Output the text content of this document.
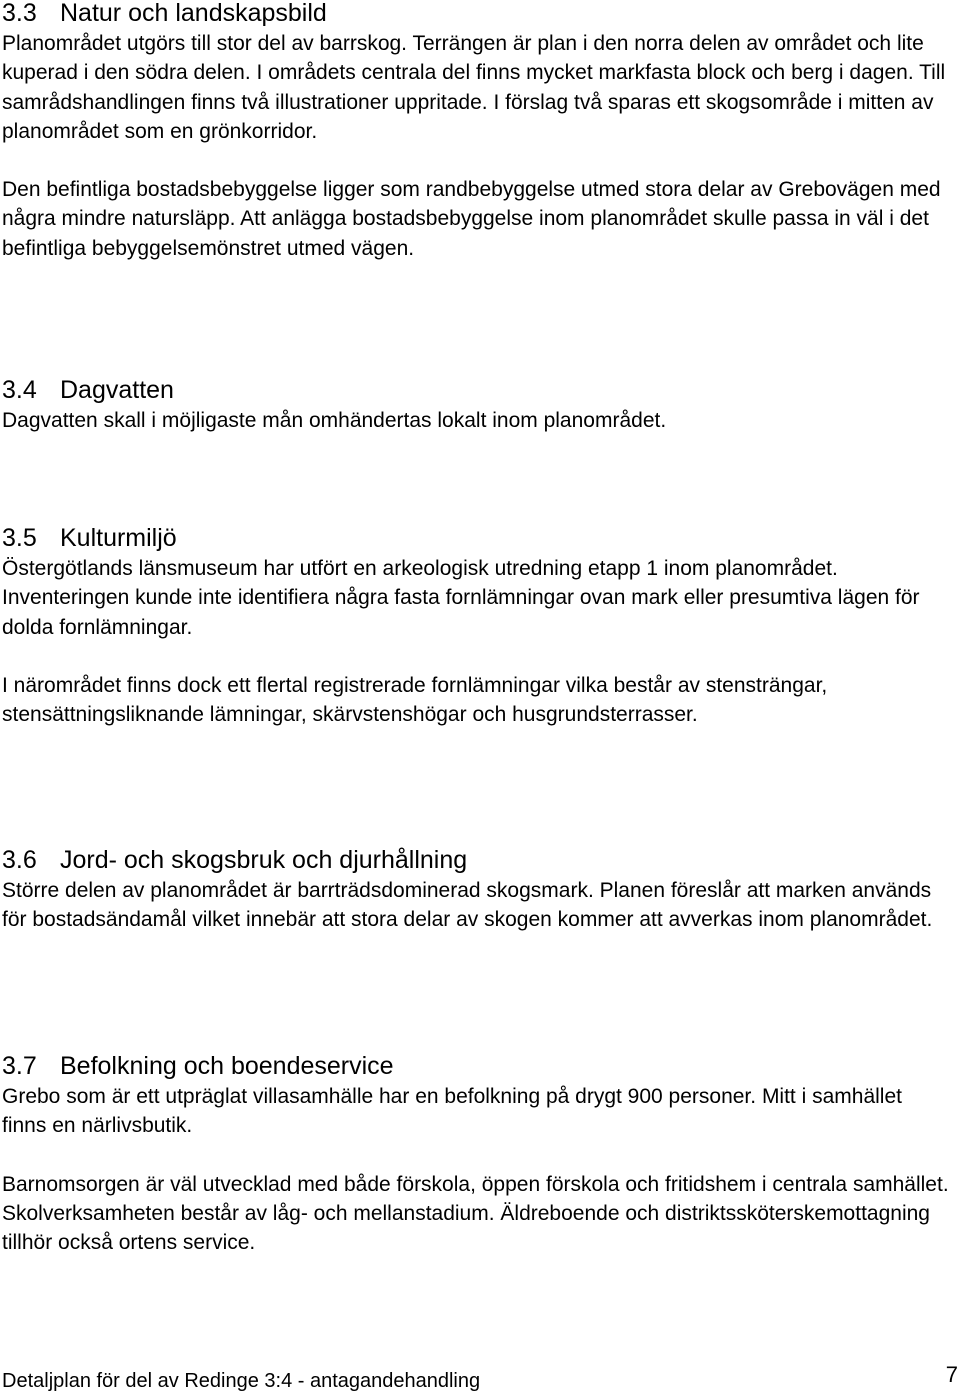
3.3 Natur och landskapsbild

Planområdet utgörs till stor del av barrskog. Terrängen är plan i den norra delen av området och lite kuperad i den södra delen. I områdets centrala del finns mycket markfasta block och berg i dagen. Till samrådshandlingen finns två illustrationer uppritade. I förslag två sparas ett skogsområde i mitten av planområdet som en grönkorridor.

Den befintliga bostadsbebyggelse ligger som randbebyggelse utmed stora delar av Grebovägen med några mindre natursläpp. Att anlägga bostadsbebyggelse inom planområdet skulle passa in väl i det befintliga bebyggelsemönstret utmed vägen.

3.4 Dagvatten

Dagvatten skall i möjligaste mån omhändertas lokalt inom planområdet.

3.5 Kulturmiljö

Östergötlands länsmuseum har utfört en arkeologisk utredning etapp 1 inom planområdet. Inventeringen kunde inte identifiera några fasta fornlämningar ovan mark eller presumtiva lägen för dolda fornlämningar.

I närområdet finns dock ett flertal registrerade fornlämningar vilka består av stensträngar, stensättningsliknande lämningar, skärvstenshögar och husgrundsterrasser.

3.6 Jord- och skogsbruk och djurhållning

Större delen av planområdet är barrträdsdominerad skogsmark. Planen föreslår att marken används för bostadsändamål vilket innebär att stora delar av skogen kommer att avverkas inom planområdet.

3.7 Befolkning och boendeservice

Grebo som är ett utpräglat villasamhälle har en befolkning på drygt 900 personer. Mitt i samhället finns en närlivsbutik.

Barnomsorgen är väl utvecklad med både förskola, öppen förskola och fritidshem i centrala samhället. Skolverksamheten består av låg- och mellanstadium. Äldreboende och distriktssköterskemottagning tillhör också ortens service.

Detaljplan för del av Redinge 3:4 - antagandehandling	7
